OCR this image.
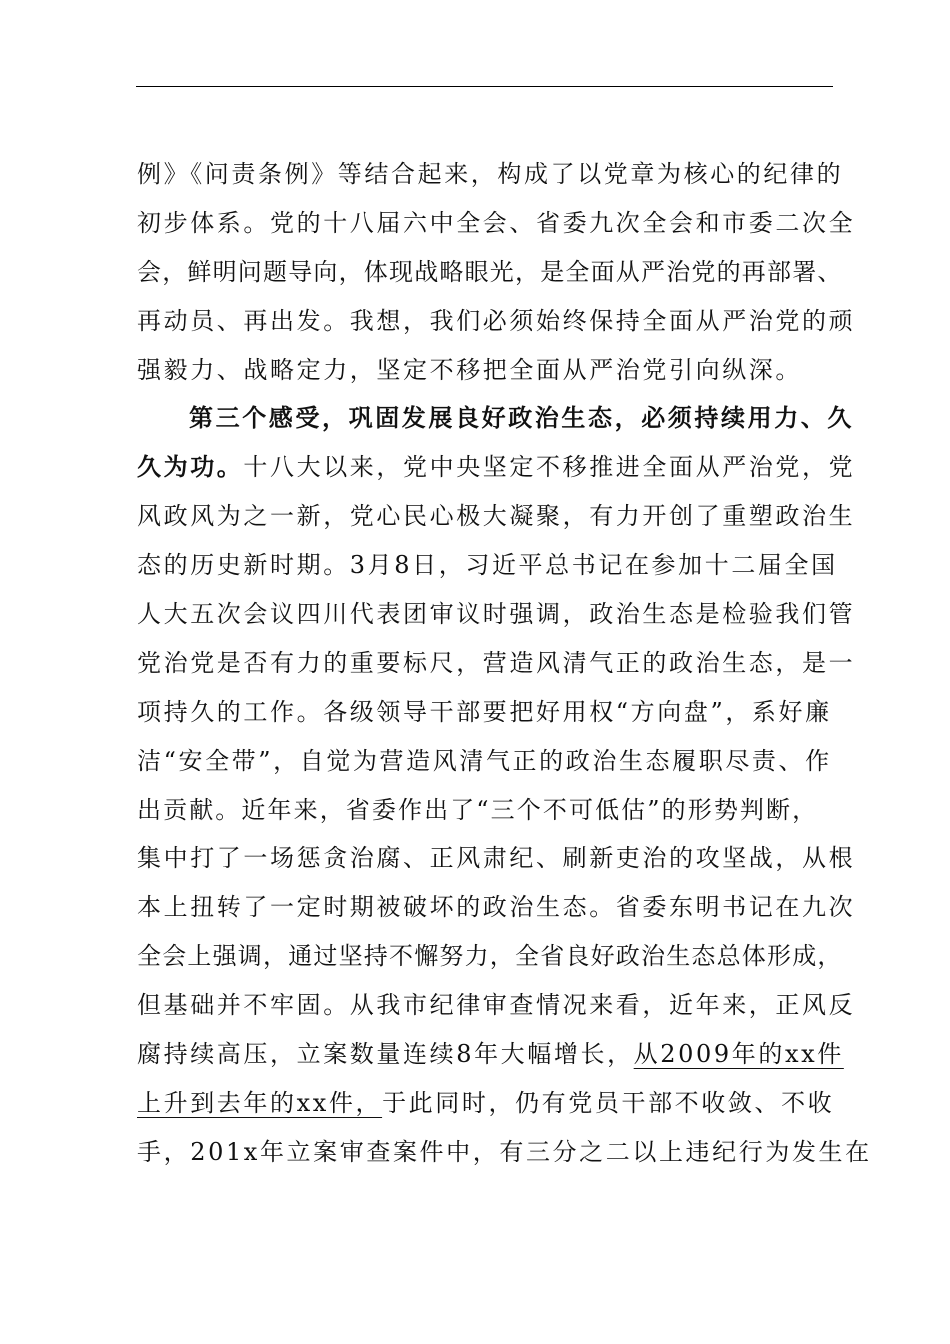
例》《问责条例》等结合起来，构成了以党章为核心的纪律的
初步体系。党的十八届六中全会、省委九次全会和市委二次全
会，鲜明问题导向，体现战略眼光，是全面从严治党的再部署、
再动员、再出发。我想，我们必须始终保持全面从严治党的顽
强毅力、战略定力，坚定不移把全面从严治党引向纵深。
第三个感受，巩固发展良好政治生态，必须持续用力、久
久为功。十八大以来，党中央坚定不移推进全面从严治党，党
风政风为之一新，党心民心极大凝聚，有力开创了重塑政治生
态的历史新时期。3月8日，习近平总书记在参加十二届全国
人大五次会议四川代表团审议时强调，政治生态是检验我们管
党治党是否有力的重要标尺，营造风清气正的政治生态，是一
项持久的工作。各级领导干部要把好用权“方向盘”，系好廉
洁“安全带”，自觉为营造风清气正的政治生态履职尽责、作
出贡献。近年来，省委作出了“三个不可低估”的形势判断，
集中打了一场惩贪治腐、正风肃纪、刷新吏治的攻坚战，从根
本上扭转了一定时期被破坏的政治生态。省委东明书记在九次
全会上强调，通过坚持不懈努力，全省良好政治生态总体形成，
但基础并不牢固。从我市纪律审查情况来看，近年来，正风反
腐持续高压，立案数量连续8年大幅增长，从2009年的xx件
上升到去年的xx件，于此同时，仍有党员干部不收敛、不收
手，201x年立案审查案件中，有三分之二以上违纪行为发生在
